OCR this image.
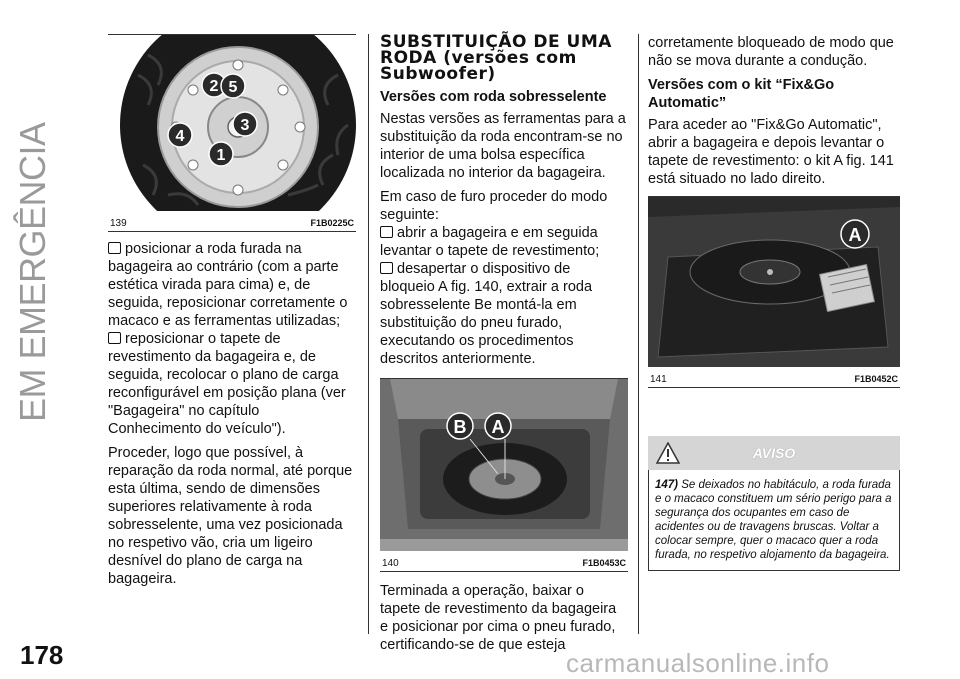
EM EMERGÊNCIA
2 5
4
3
1
139	F1B0225C

posicionar a roda furada na bagageira ao contrário (com a parte estética virada para cima) e, de seguida, reposicionar corretamente o macaco e as ferramentas utilizadas;

reposicionar o tapete de revestimento da bagageira e, de seguida, recolocar o plano de carga reconfigurável em posição plana (ver "Bagageira" no capítulo Conhecimento do veículo").

Proceder, logo que possível, à reparação da roda normal, até porque esta última, sendo de dimensões superiores relativamente à roda sobresselente, uma vez posicionada no respetivo vão, cria um ligeiro desnível do plano de carga na bagageira.

SUBSTITUIÇÃO DE UMA RODA (versões com Subwoofer)
Versões com roda sobresselente

Nestas versões as ferramentas para a substituição da roda encontram-se no interior de uma bolsa específica localizada no interior da bagageira.

Em caso de furo proceder do modo seguinte:

abrir a bagageira e em seguida levantar o tapete de revestimento;

desapertar o dispositivo de bloqueio A fig. 140, extrair a roda sobresselente Be montá-la em substituição do pneu furado, executando os procedimentos descritos anteriormente.

B A
140	F1B0453C

Terminada a operação, baixar o tapete de revestimento da bagageira e posicionar por cima o pneu furado, certificando-se de que esteja

corretamente bloqueado de modo que não se mova durante a condução.

Versões com o kit “Fix&Go Automatic”

Para aceder ao "Fix&Go Automatic", abrir a bagageira e depois levantar o tapete de revestimento: o kit A fig. 141 está situado no lado direito.

A
141	F1B0452C
AVISO
147) Se deixados no habitáculo, a roda furada e o macaco constituem um sério perigo para a segurança dos ocupantes em caso de acidentes ou de travagens bruscas. Voltar a colocar sempre, quer o macaco quer a roda furada, no respetivo alojamento da bagageira.
178	carmanualsonline.info
